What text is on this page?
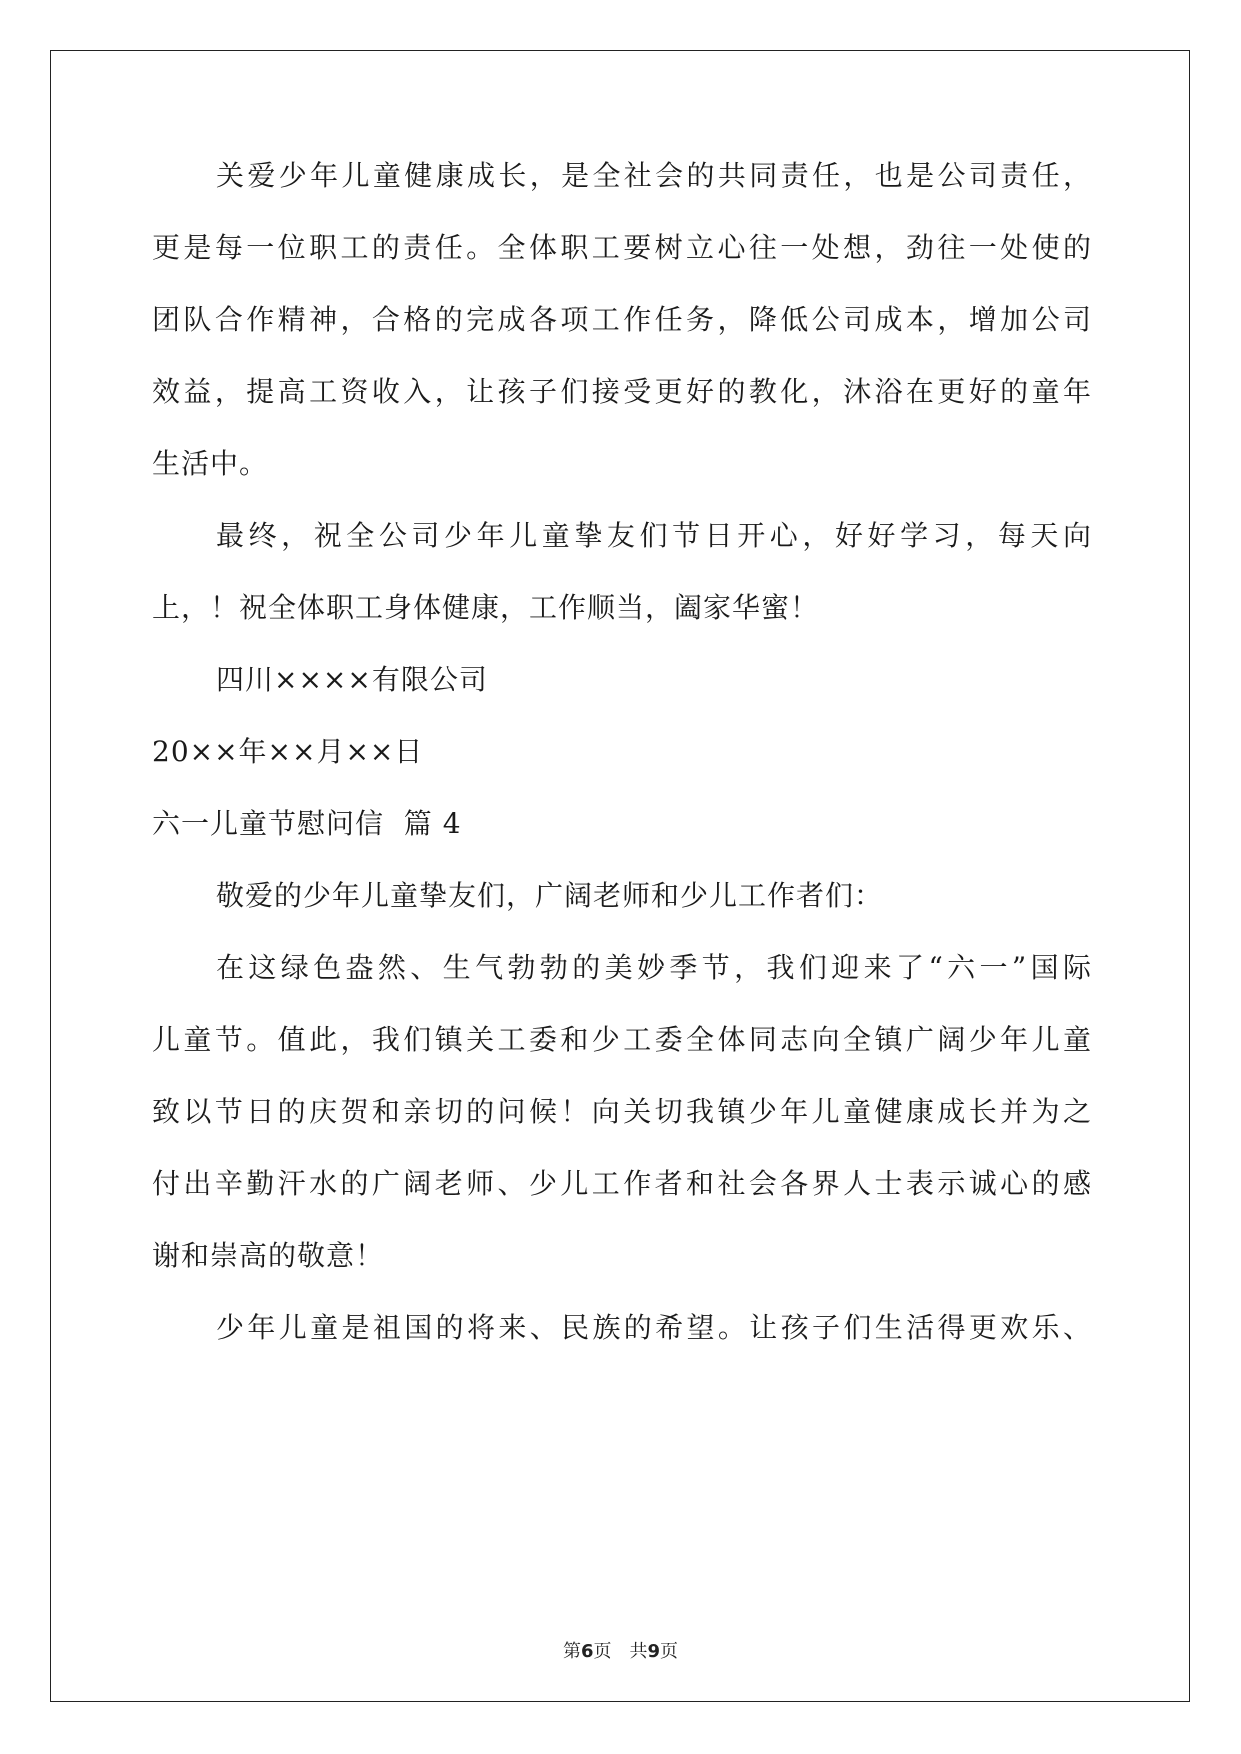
关爱少年儿童健康成长，是全社会的共同责任，也是公司责任，
更是每一位职工的责任。全体职工要树立心往一处想，劲往一处使的
团队合作精神，合格的完成各项工作任务，降低公司成本，增加公司
效益，提高工资收入，让孩子们接受更好的教化，沐浴在更好的童年
生活中。
最终，祝全公司少年儿童挚友们节日开心，好好学习，每天向
上，！祝全体职工身体健康，工作顺当，阖家华蜜！
四川××××有限公司
20××年××月××日
六一儿童节慰问信  篇 4
敬爱的少年儿童挚友们，广阔老师和少儿工作者们：
在这绿色盎然、生气勃勃的美妙季节，我们迎来了“六一”国际
儿童节。值此，我们镇关工委和少工委全体同志向全镇广阔少年儿童
致以节日的庆贺和亲切的问候！向关切我镇少年儿童健康成长并为之
付出辛勤汗水的广阔老师、少儿工作者和社会各界人士表示诚心的感
谢和崇高的敬意！
少年儿童是祖国的将来、民族的希望。让孩子们生活得更欢乐、
第6页 共9页
